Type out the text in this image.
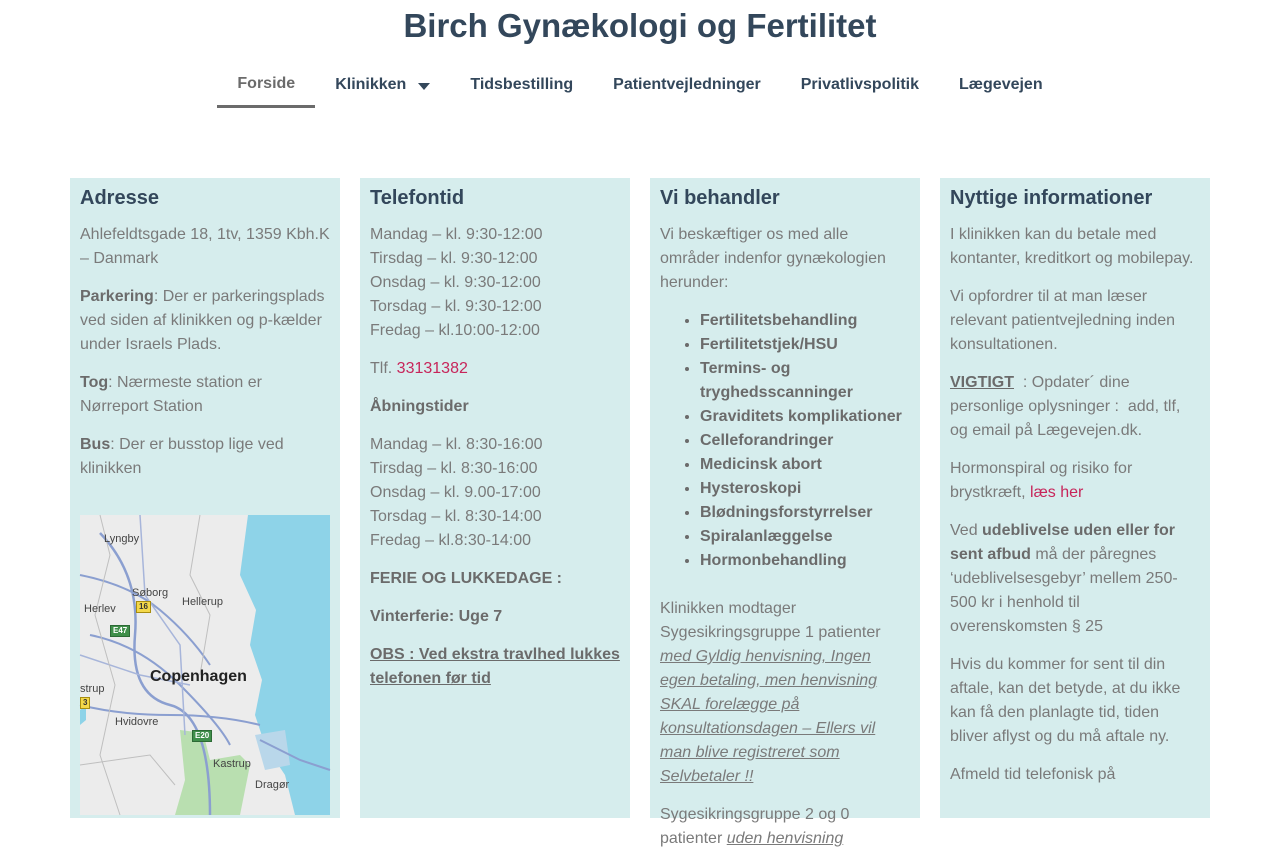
Birch Gynækologi og Fertilitet
Forside	Klinikken	Tidsbestilling	Patientvejledninger	Privatlivspolitik	Lægevejen
Adresse

Ahlefeldtsgade 18, 1tv, 1359 Kbh.K – Danmark

Parkering: Der er parkeringsplads ved siden af klinikken og p-kælder under Israels Plads.

Tog: Nærmeste station er Nørreport Station

Bus: Der er busstop lige ved klinikken

Lyngby
Søborg
Hellerup
Herlev
strup
Copenhagen
Hvidovre
Kastrup
Dragør
16
E47
E20
3
Telefontid

Mandag – kl. 9:30-12:00
Tirsdag – kl. 9:30-12:00
Onsdag – kl. 9:30-12:00
Torsdag – kl. 9:30-12:00
Fredag – kl.10:00-12:00

Tlf. 33131382

Åbningstider

Mandag – kl. 8:30-16:00
Tirsdag – kl. 8:30-16:00
Onsdag – kl. 9.00-17:00
Torsdag – kl. 8:30-14:00
Fredag – kl.8:30-14:00

FERIE OG LUKKEDAGE :

Vinterferie: Uge 7

OBS : Ved ekstra travlhed lukkes telefonen før tid

Vi behandler

Vi beskæftiger os med alle områder indenfor gynækologien herunder:

• Fertilitetsbehandling
• Fertilitetstjek/HSU
• Termins- og tryghedsscanninger
• Graviditets komplikationer
• Celleforandringer
• Medicinsk abort
• Hysteroskopi
• Blødningsforstyrrelser
• Spiralanlæggelse
• Hormonbehandling

Klinikken modtager Sygesikringsgruppe 1 patienter med Gyldig henvisning, Ingen egen betaling, men henvisning SKAL forelægge på konsultationsdagen – Ellers vil man blive registreret som Selvbetaler !!

Sygesikringsgruppe 2 og 0 patienter uden henvisning

Nyttige informationer

I klinikken kan du betale med kontanter, kreditkort og mobilepay.

Vi opfordrer til at man læser relevant patientvejledning inden konsultationen.

VIGTIGT  : Opdater´ dine personlige oplysninger :  add, tlf, og email på Lægevejen.dk.

Hormonspiral og risiko for brystkræft, læs her

Ved udeblivelse uden eller for sent afbud må der påregnes ‘udeblivelsesgebyr’ mellem 250-500 kr i henhold til overenskomsten § 25

Hvis du kommer for sent til din aftale, kan det betyde, at du ikke kan få den planlagte tid, tiden bliver aflyst og du må aftale ny.

Afmeld tid telefonisk på
